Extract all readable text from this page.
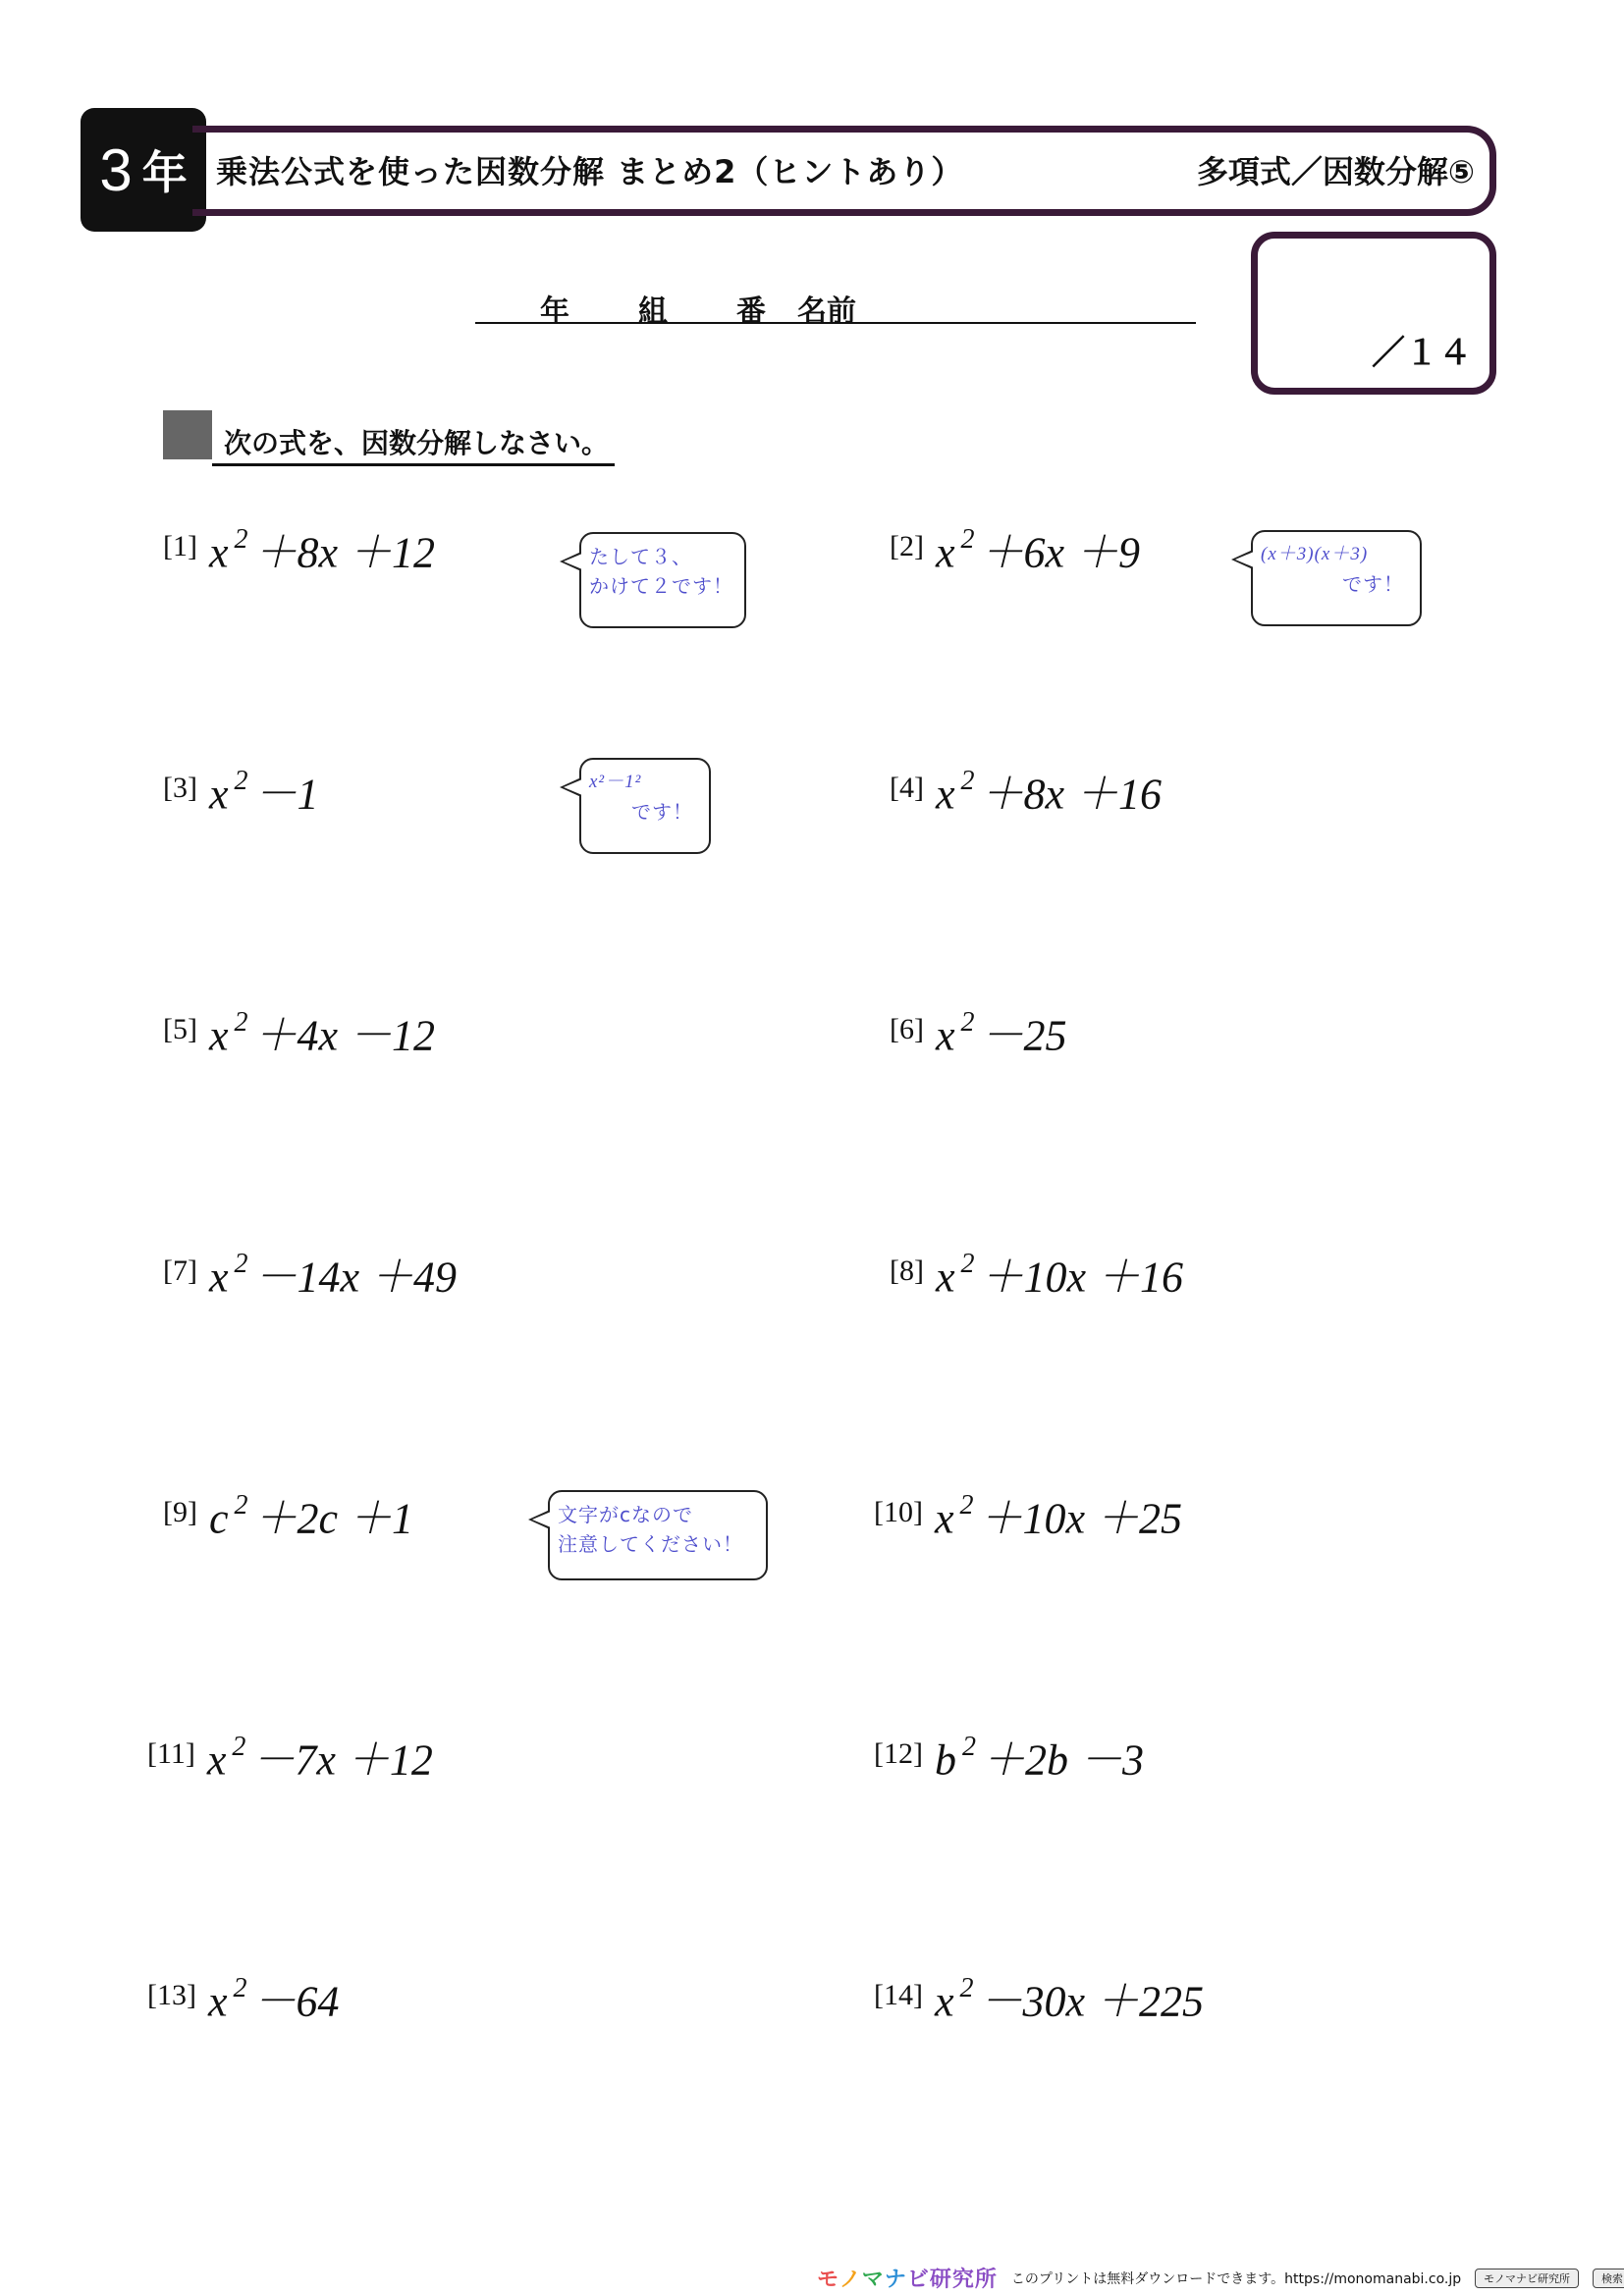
3 年 乗法公式を使った因数分解 まとめ2（ヒントあり）	多項式／因数分解⑤
年 組 番 名前
／１４
次の式を、因数分解しなさい。
[1] x $^2$ ＋8x ＋12	[2] x $^2$ ＋6x ＋9
[3] x $^2$ －1	[4] x $^2$ ＋8x ＋16
[5] x $^2$ ＋4x －12	[6] x $^2$ －25
[7] x $^2$ －14x ＋49	[8] x $^2$ ＋10x ＋16
[9] c $^2$ ＋2c ＋1	[10] x $^2$ ＋10x ＋25
[11] x $^2$ －7x ＋12	[12] b $^2$ ＋2b －3
[13] x $^2$ －64	[14] x $^2$ －30x ＋225
たして３、
かけて２です！
(x＋3)(x＋3)
です！
x²－1²
です！
文字がcなので
注意してください！
モノマナビ研究所 このプリントは無料ダウンロードできます。https://monomanabi.co.jp	モノマナビ研究所	検索
